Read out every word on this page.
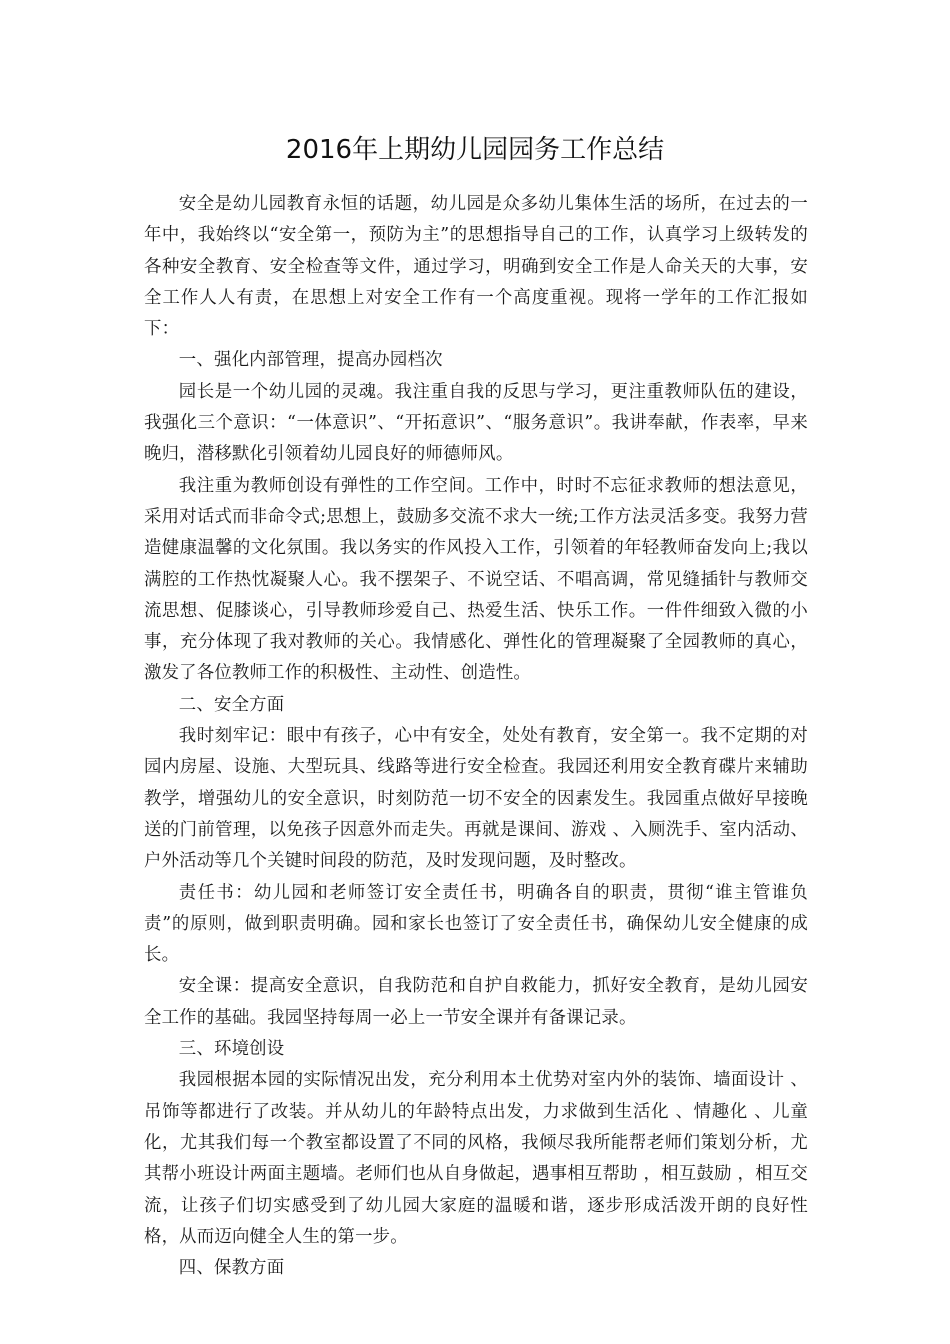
2016年上期幼儿园园务工作总结

安全是幼儿园教育永恒的话题，幼儿园是众多幼儿集体生活的场所，在过去的一年中，我始终以“安全第一，预防为主”的思想指导自己的工作，认真学习上级转发的各种安全教育、安全检查等文件，通过学习，明确到安全工作是人命关天的大事，安全工作人人有责，在思想上对安全工作有一个高度重视。现将一学年的工作汇报如下：

一、强化内部管理，提高办园档次

园长是一个幼儿园的灵魂。我注重自我的反思与学习，更注重教师队伍的建设，我强化三个意识：“一体意识”、“开拓意识”、“服务意识”。我讲奉献，作表率，早来晚归，潜移默化引领着幼儿园良好的师德师风。

我注重为教师创设有弹性的工作空间。工作中，时时不忘征求教师的想法意见，采用对话式而非命令式;思想上，鼓励多交流不求大一统;工作方法灵活多变。我努力营造健康温馨的文化氛围。我以务实的作风投入工作，引领着的年轻教师奋发向上;我以满腔的工作热忱凝聚人心。我不摆架子、不说空话、不唱高调，常见缝插针与教师交流思想、促膝谈心，引导教师珍爱自己、热爱生活、快乐工作。一件件细致入微的小事，充分体现了我对教师的关心。我情感化、弹性化的管理凝聚了全园教师的真心，激发了各位教师工作的积极性、主动性、创造性。

二、安全方面

我时刻牢记：眼中有孩子，心中有安全，处处有教育，安全第一。我不定期的对园内房屋、设施、大型玩具、线路等进行安全检查。我园还利用安全教育碟片来辅助教学，增强幼儿的安全意识，时刻防范一切不安全的因素发生。我园重点做好早接晚送的门前管理，以免孩子因意外而走失。再就是课间、游戏 、入厕洗手、室内活动、户外活动等几个关键时间段的防范，及时发现问题，及时整改。

责任书：幼儿园和老师签订安全责任书，明确各自的职责，贯彻“谁主管谁负责”的原则，做到职责明确。园和家长也签订了安全责任书，确保幼儿安全健康的成长。

安全课：提高安全意识，自我防范和自护自救能力，抓好安全教育，是幼儿园安全工作的基础。我园坚持每周一必上一节安全课并有备课记录。

三、环境创设

我园根据本园的实际情况出发，充分利用本土优势对室内外的装饰、墙面设计 、吊饰等都进行了改装。并从幼儿的年龄特点出发，力求做到生活化 、情趣化 、儿童化，尤其我们每一个教室都设置了不同的风格，我倾尽我所能帮老师们策划分析，尤其帮小班设计两面主题墙。老师们也从自身做起，遇事相互帮助 ，相互鼓励 ，相互交流，让孩子们切实感受到了幼儿园大家庭的温暖和谐，逐步形成活泼开朗的良好性格，从而迈向健全人生的第一步。

四、保教方面
